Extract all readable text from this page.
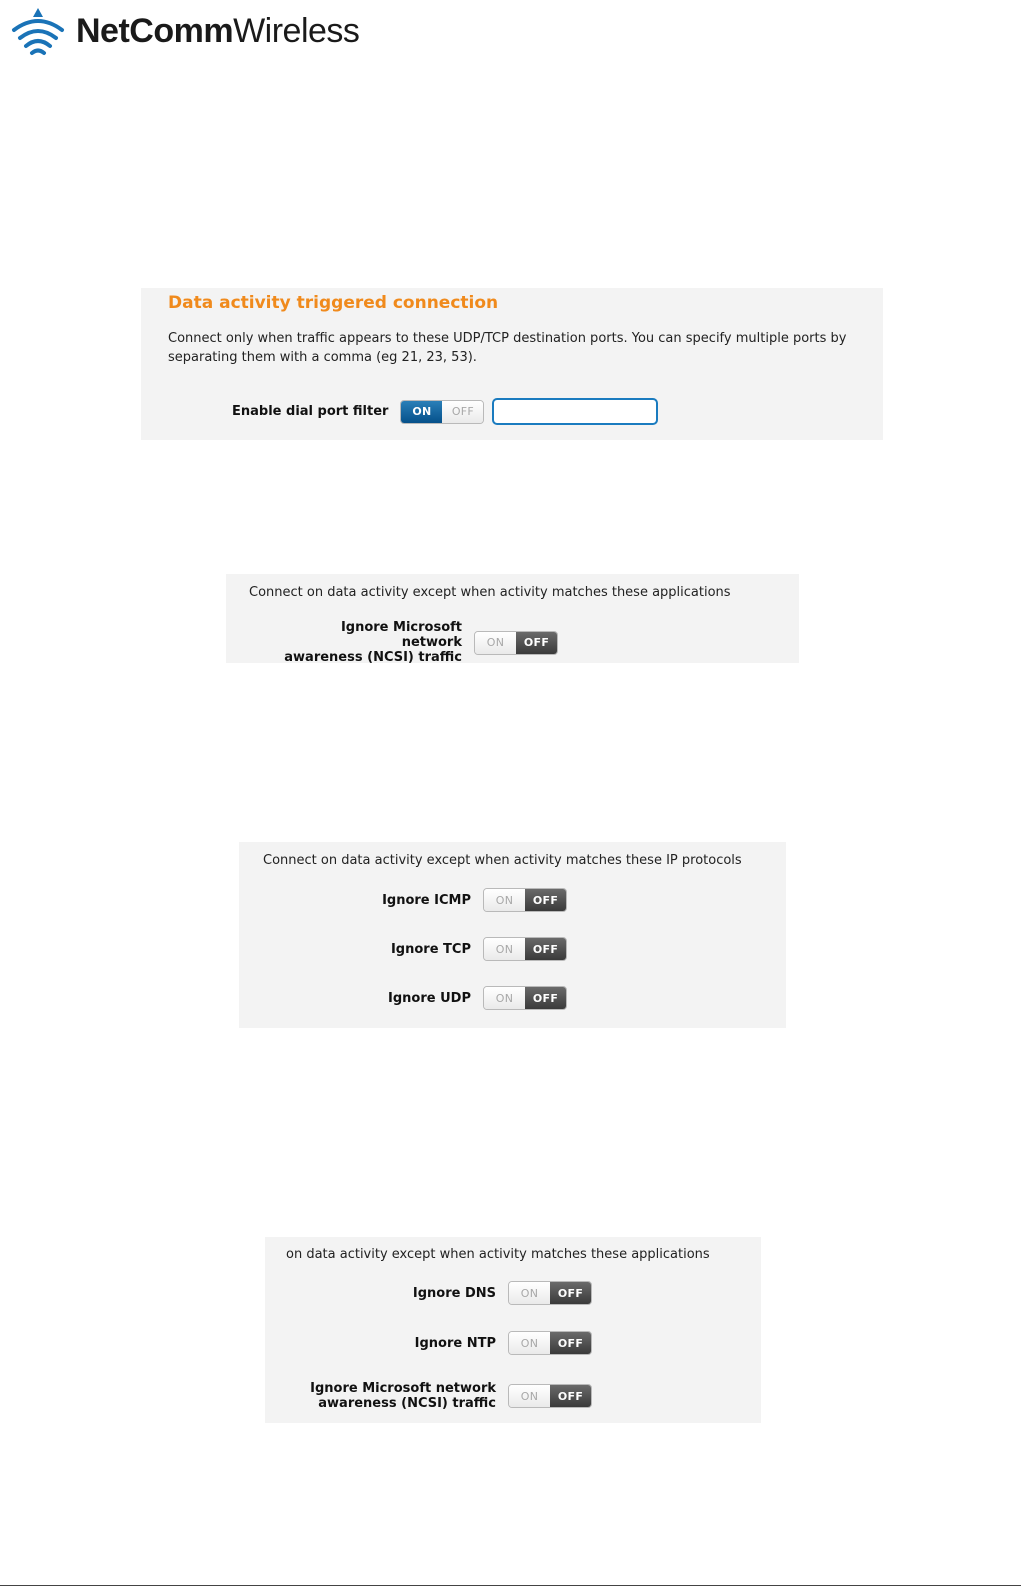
NetCommWireless
Data activity triggered connection
Connect only when traffic appears to these UDP/TCP destination ports. You can specify multiple ports by
separating them with a comma (eg 21, 23, 53).
Enable dial port filter	ON	OFF
Connect on data activity except when activity matches these applications
Ignore Microsoft network
awareness (NCSI) traffic
ON	OFF
Connect on data activity except when activity matches these IP protocols
Ignore ICMP	ON	OFF
Ignore TCP	ON	OFF
Ignore UDP	ON	OFF
on data activity except when activity matches these applications
Ignore DNS	ON	OFF
Ignore NTP	ON	OFF
Ignore Microsoft network
awareness (NCSI) traffic	ON	OFF
